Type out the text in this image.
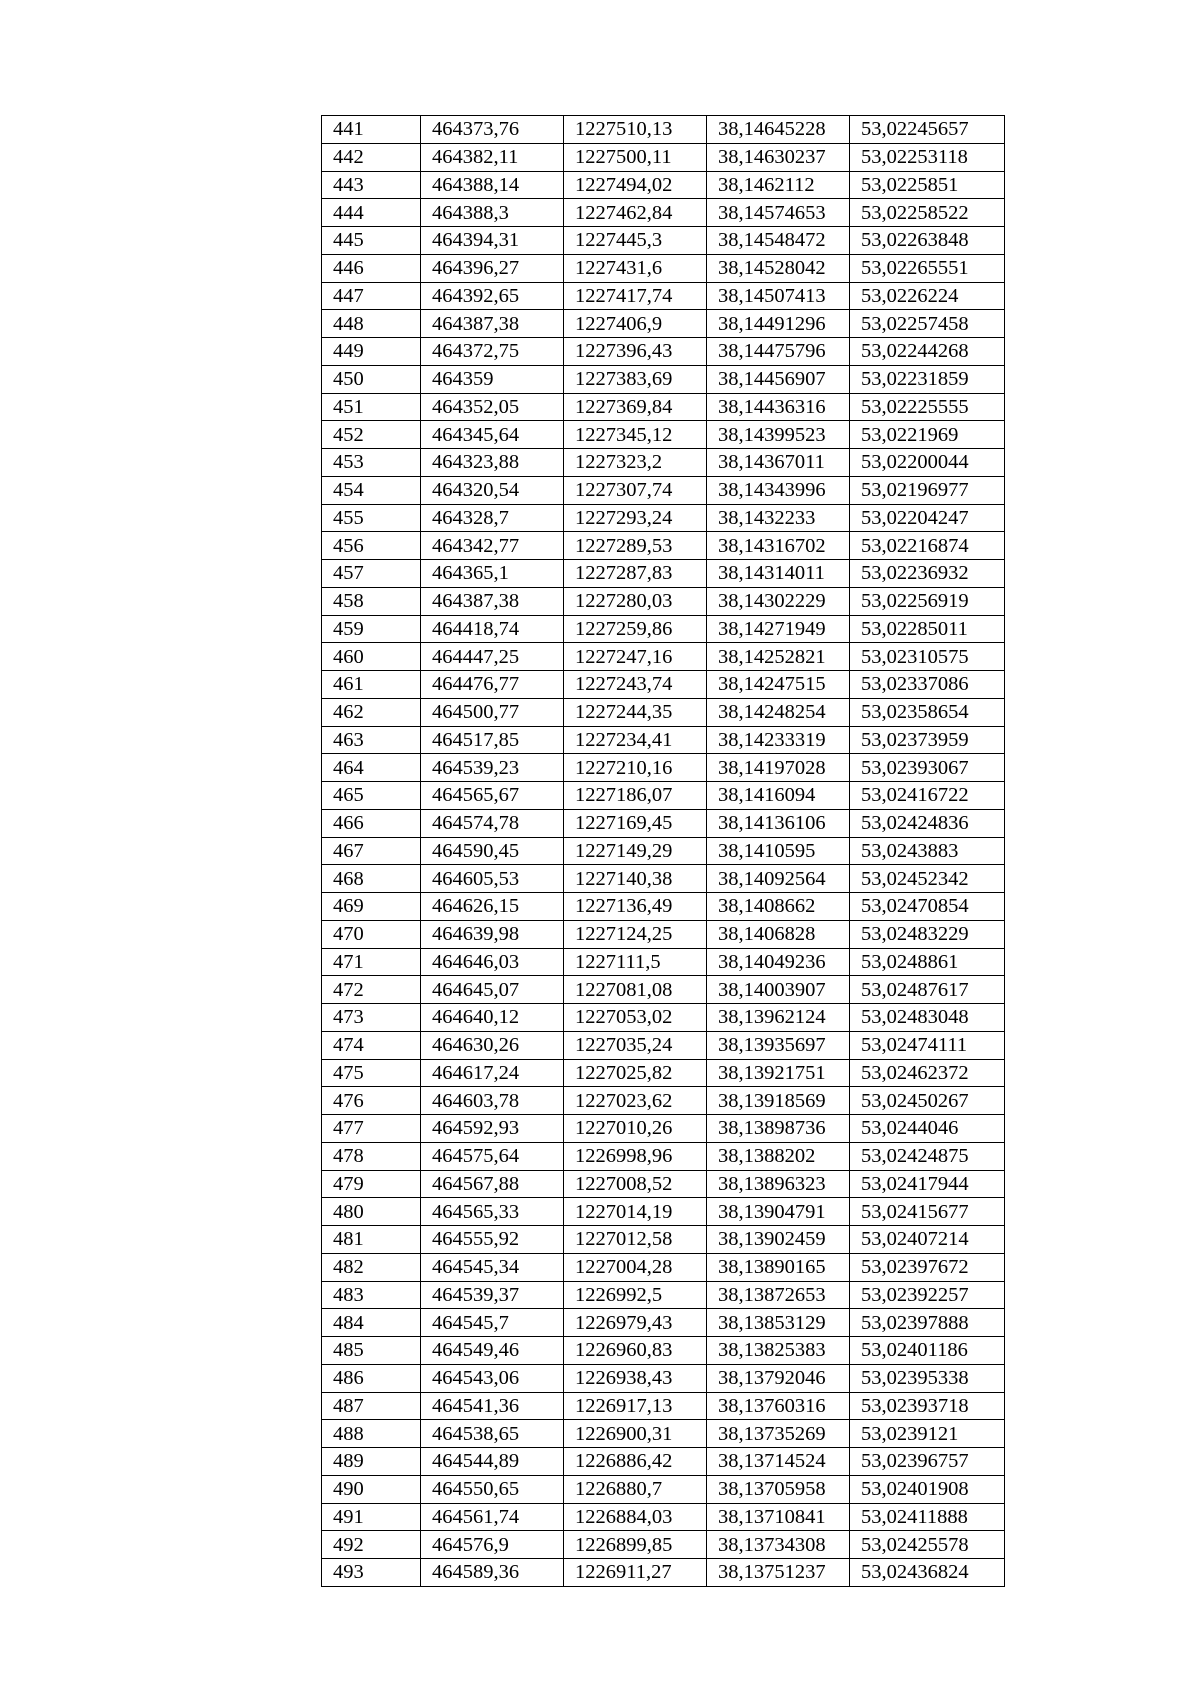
441	464373,76	1227510,13	38,14645228	53,02245657
442	464382,11	1227500,11	38,14630237	53,02253118
443	464388,14	1227494,02	38,1462112	53,0225851
444	464388,3	1227462,84	38,14574653	53,02258522
445	464394,31	1227445,3	38,14548472	53,02263848
446	464396,27	1227431,6	38,14528042	53,02265551
447	464392,65	1227417,74	38,14507413	53,0226224
448	464387,38	1227406,9	38,14491296	53,02257458
449	464372,75	1227396,43	38,14475796	53,02244268
450	464359	1227383,69	38,14456907	53,02231859
451	464352,05	1227369,84	38,14436316	53,02225555
452	464345,64	1227345,12	38,14399523	53,0221969
453	464323,88	1227323,2	38,14367011	53,02200044
454	464320,54	1227307,74	38,14343996	53,02196977
455	464328,7	1227293,24	38,1432233	53,02204247
456	464342,77	1227289,53	38,14316702	53,02216874
457	464365,1	1227287,83	38,14314011	53,02236932
458	464387,38	1227280,03	38,14302229	53,02256919
459	464418,74	1227259,86	38,14271949	53,02285011
460	464447,25	1227247,16	38,14252821	53,02310575
461	464476,77	1227243,74	38,14247515	53,02337086
462	464500,77	1227244,35	38,14248254	53,02358654
463	464517,85	1227234,41	38,14233319	53,02373959
464	464539,23	1227210,16	38,14197028	53,02393067
465	464565,67	1227186,07	38,1416094	53,02416722
466	464574,78	1227169,45	38,14136106	53,02424836
467	464590,45	1227149,29	38,1410595	53,0243883
468	464605,53	1227140,38	38,14092564	53,02452342
469	464626,15	1227136,49	38,1408662	53,02470854
470	464639,98	1227124,25	38,1406828	53,02483229
471	464646,03	1227111,5	38,14049236	53,0248861
472	464645,07	1227081,08	38,14003907	53,02487617
473	464640,12	1227053,02	38,13962124	53,02483048
474	464630,26	1227035,24	38,13935697	53,02474111
475	464617,24	1227025,82	38,13921751	53,02462372
476	464603,78	1227023,62	38,13918569	53,02450267
477	464592,93	1227010,26	38,13898736	53,0244046
478	464575,64	1226998,96	38,1388202	53,02424875
479	464567,88	1227008,52	38,13896323	53,02417944
480	464565,33	1227014,19	38,13904791	53,02415677
481	464555,92	1227012,58	38,13902459	53,02407214
482	464545,34	1227004,28	38,13890165	53,02397672
483	464539,37	1226992,5	38,13872653	53,02392257
484	464545,7	1226979,43	38,13853129	53,02397888
485	464549,46	1226960,83	38,13825383	53,02401186
486	464543,06	1226938,43	38,13792046	53,02395338
487	464541,36	1226917,13	38,13760316	53,02393718
488	464538,65	1226900,31	38,13735269	53,0239121
489	464544,89	1226886,42	38,13714524	53,02396757
490	464550,65	1226880,7	38,13705958	53,02401908
491	464561,74	1226884,03	38,13710841	53,02411888
492	464576,9	1226899,85	38,13734308	53,02425578
493	464589,36	1226911,27	38,13751237	53,02436824
